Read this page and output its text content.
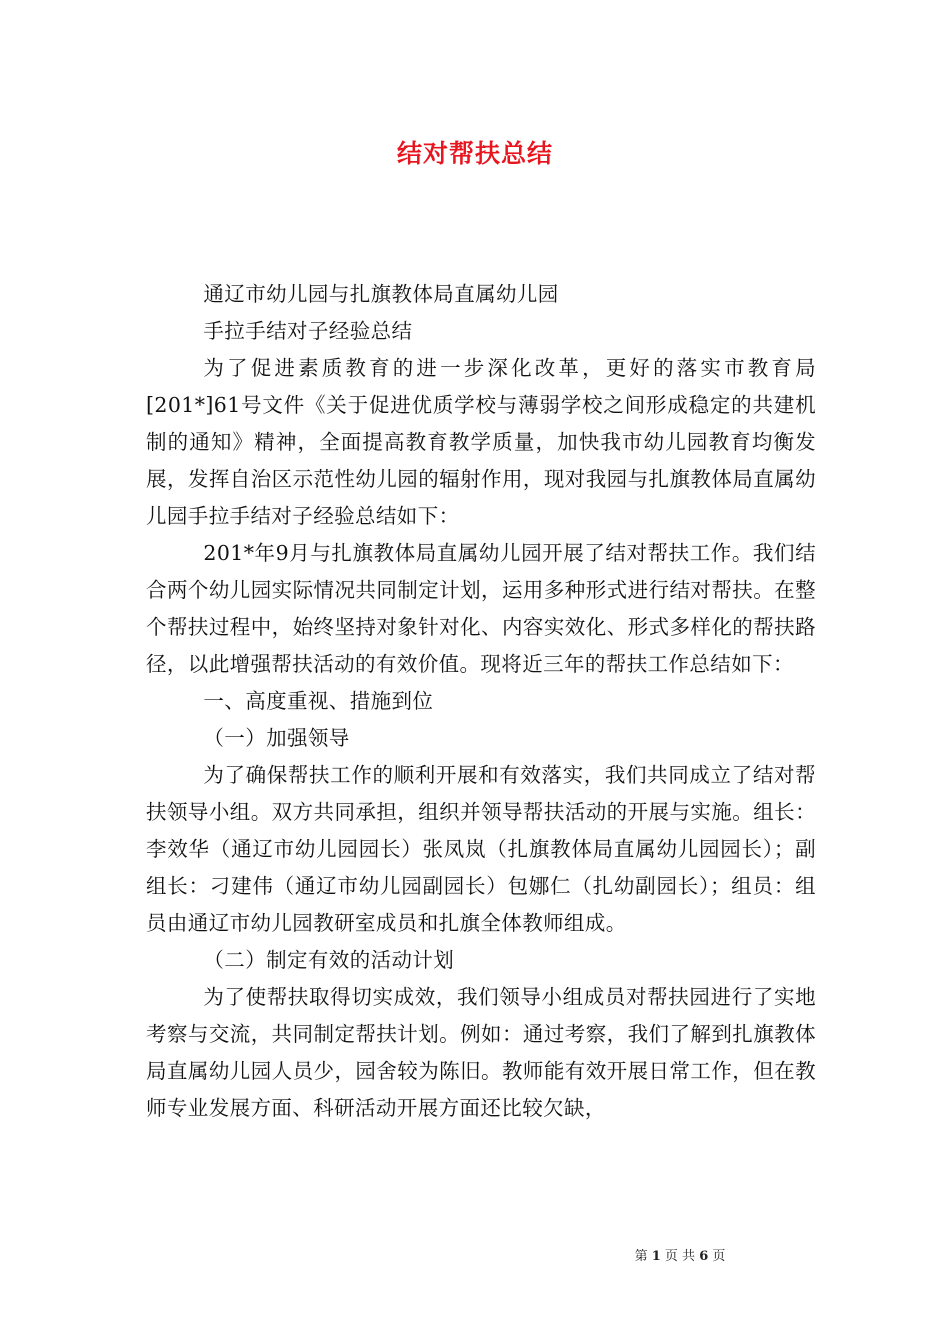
结对帮扶总结

通辽市幼儿园与扎旗教体局直属幼儿园

手拉手结对子经验总结

为了促进素质教育的进一步深化改革，更好的落实市教育局[201*]61号文件《关于促进优质学校与薄弱学校之间形成稳定的共建机制的通知》精神，全面提高教育教学质量，加快我市幼儿园教育均衡发展，发挥自治区示范性幼儿园的辐射作用，现对我园与扎旗教体局直属幼儿园手拉手结对子经验总结如下：

201*年9月与扎旗教体局直属幼儿园开展了结对帮扶工作。我们结合两个幼儿园实际情况共同制定计划，运用多种形式进行结对帮扶。在整个帮扶过程中，始终坚持对象针对化、内容实效化、形式多样化的帮扶路径，以此增强帮扶活动的有效价值。现将近三年的帮扶工作总结如下：

一、高度重视、措施到位

（一）加强领导

为了确保帮扶工作的顺利开展和有效落实，我们共同成立了结对帮扶领导小组。双方共同承担，组织并领导帮扶活动的开展与实施。组长：李效华（通辽市幼儿园园长）张凤岚（扎旗教体局直属幼儿园园长）；副组长：刁建伟（通辽市幼儿园副园长）包娜仁（扎幼副园长）；组员：组员由通辽市幼儿园教研室成员和扎旗全体教师组成。

（二）制定有效的活动计划

为了使帮扶取得切实成效，我们领导小组成员对帮扶园进行了实地考察与交流，共同制定帮扶计划。例如：通过考察，我们了解到扎旗教体局直属幼儿园人员少，园舍较为陈旧。教师能有效开展日常工作，但在教师专业发展方面、科研活动开展方面还比较欠缺，

第 1 页 共 6 页
